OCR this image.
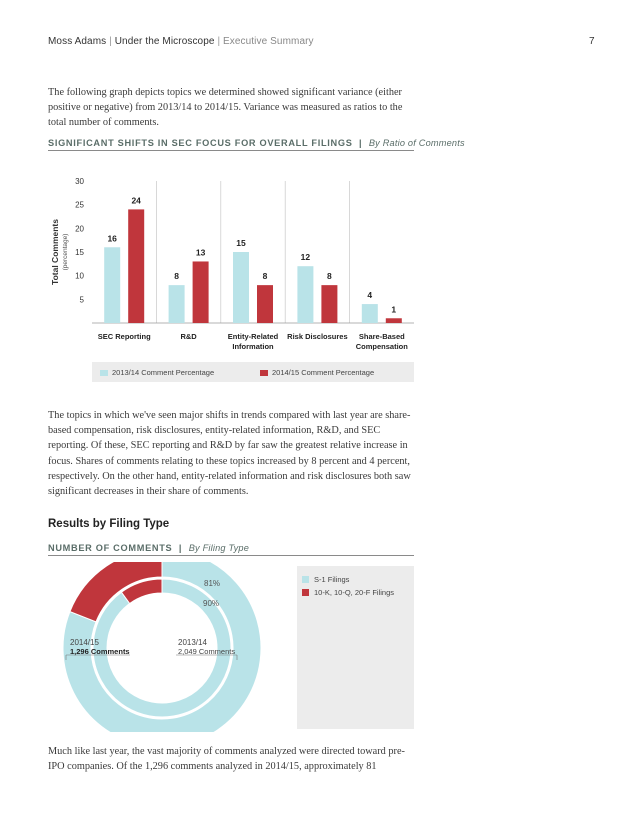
Moss Adams | Under the Microscope | Executive Summary	7

The following graph depicts topics we determined showed significant variance (either positive or negative) from 2013/14 to 2014/15. Variance was measured as ratios to the total number of comments.

SIGNIFICANT SHIFTS IN SEC FOCUS FOR OVERALL FILINGS  |  By Ratio of Comments
5
10
15
20
25
30
Total Comments (percentage)	16
24
SEC Reporting
8
13
R&D
15
8
Entity-Related
Information
12
8
Risk Disclosures
4
1
Share-Based
Compensation
2013/14 Comment Percentage	2014/15 Comment Percentage

The topics in which we've seen major shifts in trends compared with last year are share-based compensation, risk disclosures, entity-related information, R&D, and SEC reporting. Of these, SEC reporting and R&D by far saw the greatest relative increase in focus. Shares of comments relating to these topics increased by 8 percent and 4 percent, respectively. On the other hand, entity-related information and risk disclosures both saw significant decreases in their share of comments.

Results by Filing Type
NUMBER OF COMMENTS  |  By Filing Type
2014/15
1,296 Comments
2013/14
2,049 Comments
81%
19%
90%
10%
S-1 Filings
10-K, 10-Q, 20-F Filings

Much like last year, the vast majority of comments analyzed were directed toward pre-IPO companies. Of the 1,296 comments analyzed in 2014/15, approximately 81
